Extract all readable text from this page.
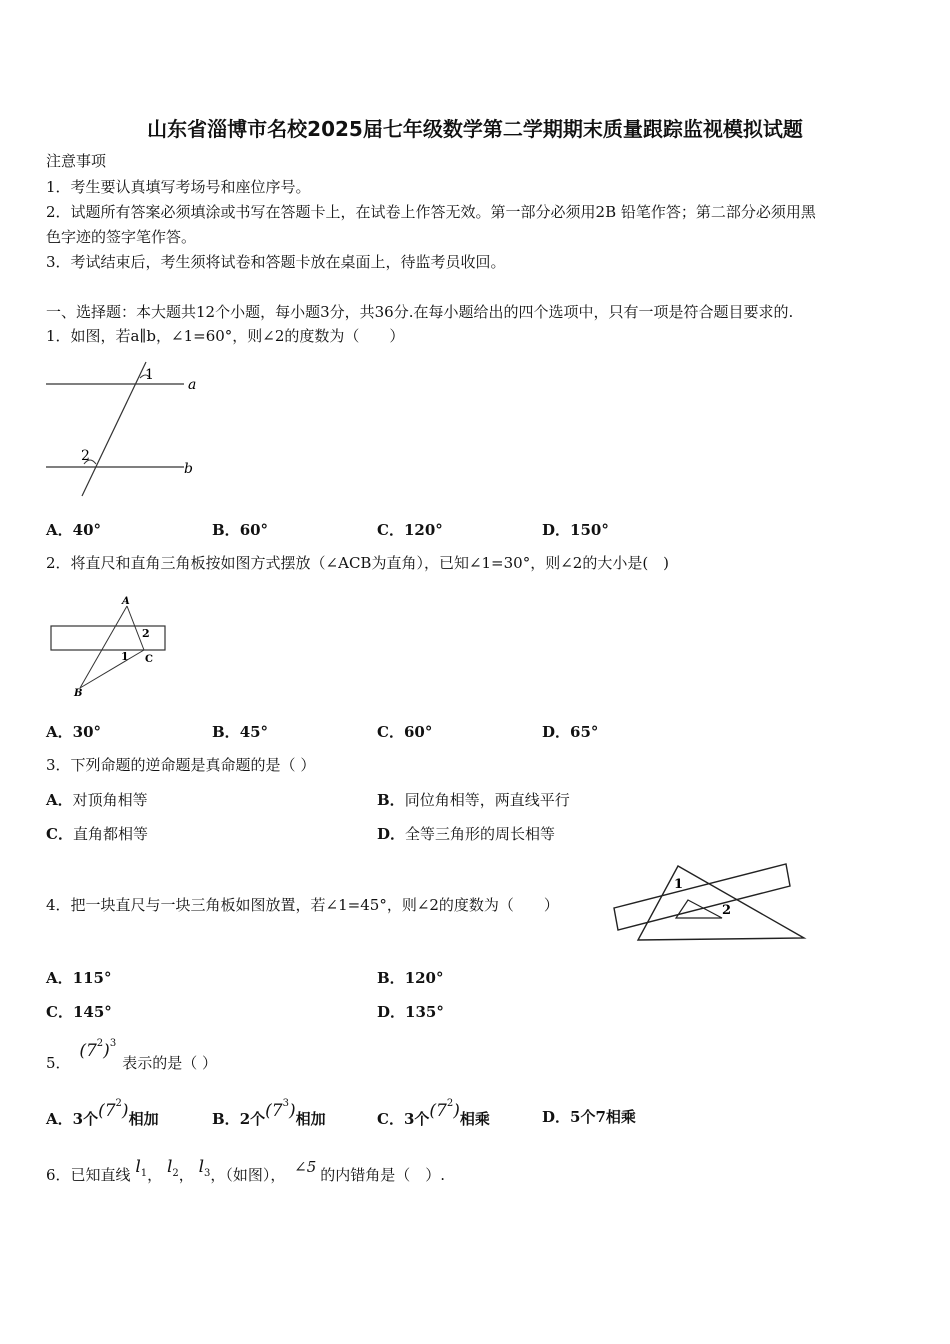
山东省淄博市名校2025届七年级数学第二学期期末质量跟踪监视模拟试题
注意事项
1．考生要认真填写考场号和座位序号。
2．试题所有答案必须填涂或书写在答题卡上，在试卷上作答无效。第一部分必须用2B 铅笔作答；第二部分必须用黑
色字迹的签字笔作答。
3．考试结束后，考生须将试卷和答题卡放在桌面上，待监考员收回。
一、选择题：本大题共12个小题，每小题3分，共36分.在每小题给出的四个选项中，只有一项是符合题目要求的.
1．如图，若a∥b，∠1=60°，则∠2的度数为（　　）
1
2
a
b
A．40°	B．60°	C．120°	D．150°
2．将直尺和直角三角板按如图方式摆放（∠ACB为直角），已知∠1=30°，则∠2的大小是(　)
A
B
C
1
2
A．30°	B．45°	C．60°	D．65°
3．下列命题的逆命题是真命题的是（ ）
A．对顶角相等	B．同位角相等，两直线平行
C．直角都相等	D．全等三角形的周长相等
4．把一块直尺与一块三角板如图放置，若∠1=45°，则∠2的度数为（　　）
1
2
A．115°	B．120°
C．145°	D．135°
5． $(7^2)^3$表示的是（ ）
A．3个$(7^2)$相加	B．2个$(7^3)$相加	C．3个$(7^2)$相乘	D．5个7相乘
6．已知直线 $l_1$， $l_2$， $l_3$，（如图）， ∠5 的内错角是（　）.
